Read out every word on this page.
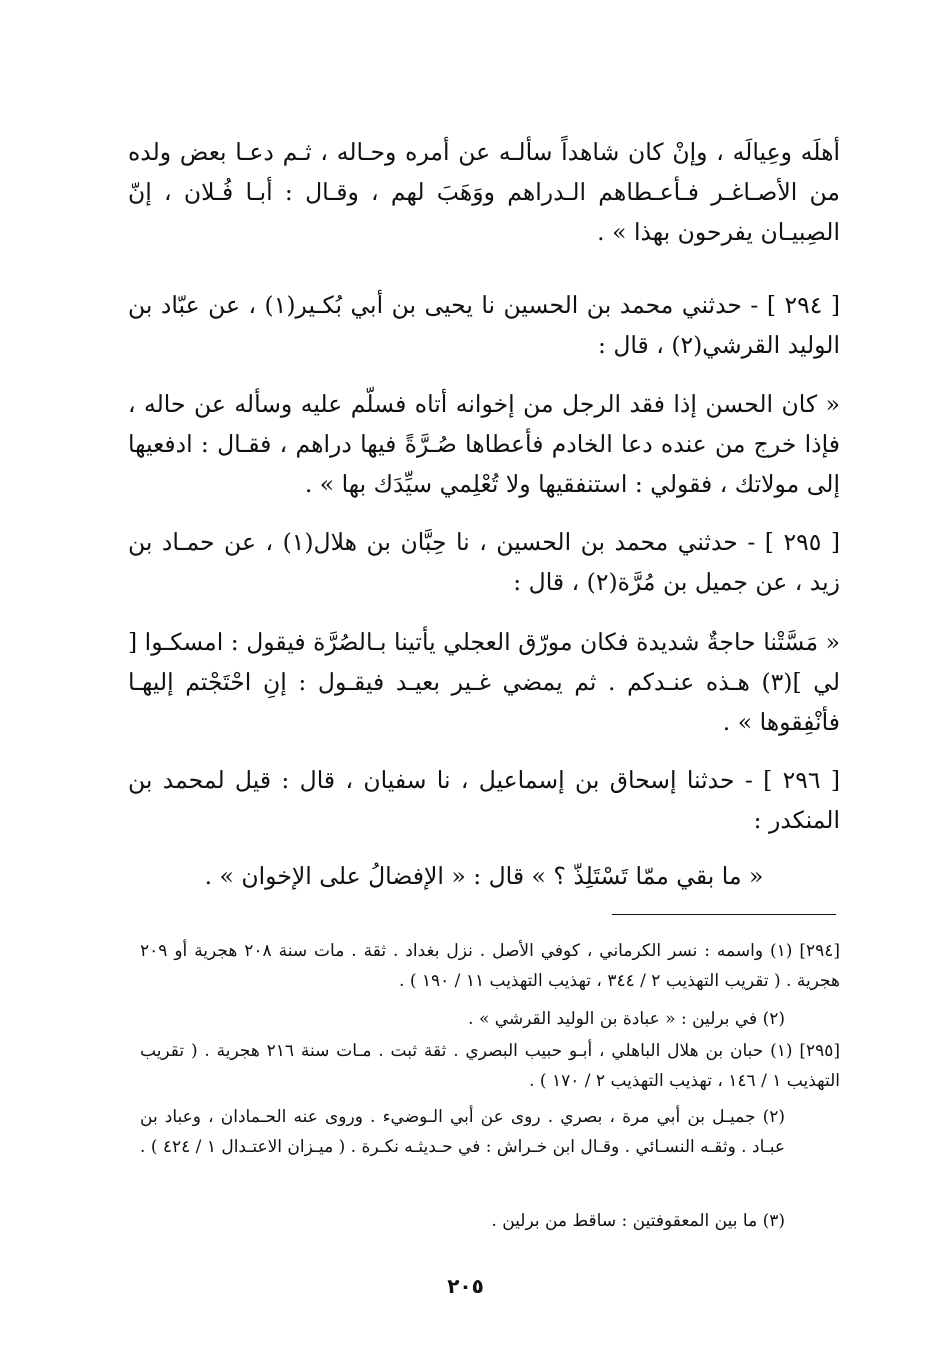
أهلَه وعِيالَه ، وإنْ كان شاهداً سألـه عن أمره وحـاله ، ثـم دعـا بعض ولده من الأصـاغـر فـأعـطاهم الـدراهم ووَهَبَ لهم ، وقـال : أبـا فُـلان ، إنّ الصِبيـان يفرحون بهذا » .

[ ٢٩٤ ] - حدثني محمد بن الحسين نا يحيى بن أبي بُكـير(١) ، عن عبّاد بن الوليد القرشي(٢) ، قال :

« كان الحسن إذا فقد الرجل من إخوانه أتاه فسلّم عليه وسأله عن حاله ، فإذا خرج من عنده دعا الخادم فأعطاها صُـرَّةً فيها دراهم ، فقـال : ادفعيها إلى مولاتك ، فقولي : استنفقيها ولا تُعْلِمي سيِّدَك بها » .

[ ٢٩٥ ] - حدثني محمد بن الحسين ، نا حِبَّان بن هلال(١) ، عن حمـاد بن زيد ، عن جميل بن مُرَّة(٢) ، قال :

« مَسَّتْنا حاجةٌ شديدة فكان مورّق العجلي يأتينا بـالصُرَّة فيقول : امسكـوا [ لي ](٣) هـذه عنـدكم . ثم يمضي غـير بعيـد فيقـول : إنِ احْتَجْتم إليهـا فأنْفِقوها » .

[ ٢٩٦ ] - حدثنا إسحاق بن إسماعيل ، نا سفيان ، قال : قيل لمحمد بن المنكدر :

« ما بقي ممّا تَسْتَلِذّ ؟ » قال : « الإفضالُ على الإخوان » .

[٢٩٤] (١) واسمه : نسر الكرماني ، كوفي الأصل . نزل بغداد . ثقة . مات سنة ٢٠٨ هجرية أو ٢٠٩ هجرية . ( تقريب التهذيب ٢ / ٣٤٤ ، تهذيب التهذيب ١١ / ١٩٠ ) .

(٢) في برلين : « عبادة بن الوليد القرشي » .

[٢٩٥] (١) حبان بن هلال الباهلي ، أبـو حبيب البصري . ثقة ثبت . مـات سنة ٢١٦ هجرية . ( تقريب التهذيب ١ / ١٤٦ ، تهذيب التهذيب ٢ / ١٧٠ ) .

(٢) جميـل بن أبي مرة ، بصري . روى عن أبي الـوضيء . وروى عنه الحـمادان ، وعباد بن عبـاد . وثقـه النسـائي . وقـال ابن خـراش : في حـديثـه نكـرة . ( ميـزان الاعتـدال ١ / ٤٢٤ ) .

(٣) ما بين المعقوفتين : ساقط من برلين .

٢٠٥
